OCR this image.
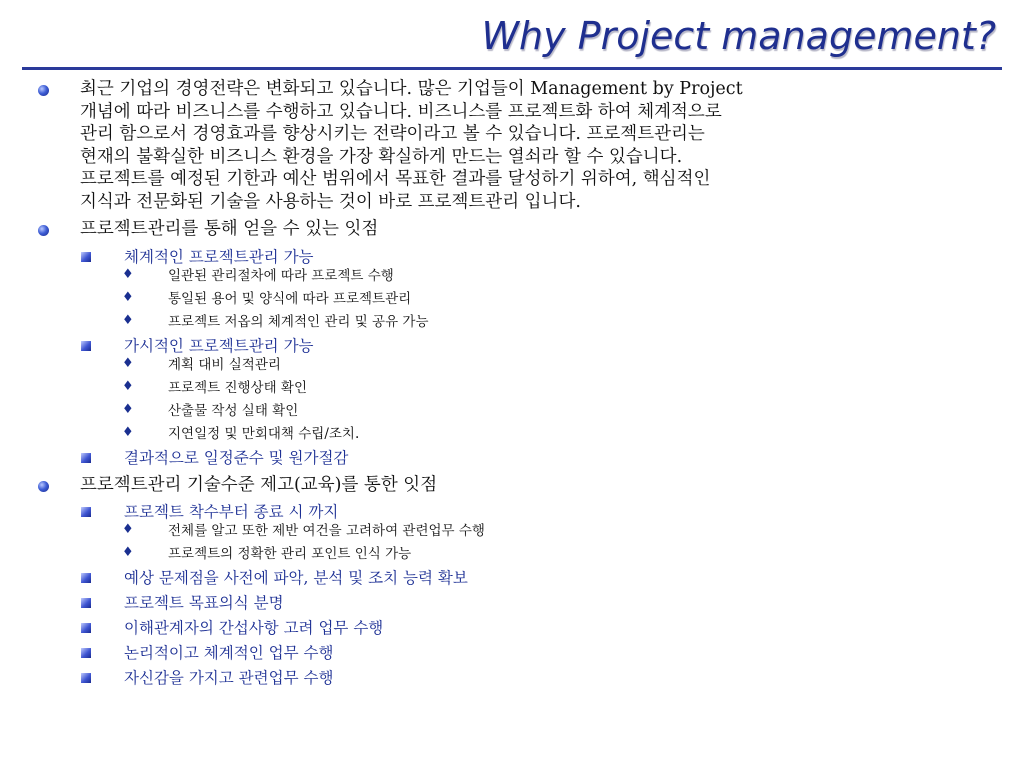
Why Project management?
최근 기업의 경영전략은 변화되고 있습니다. 많은 기업들이 Management by Project
개념에 따라 비즈니스를 수행하고 있습니다. 비즈니스를 프로젝트화 하여 체계적으로
관리 함으로서 경영효과를 향상시키는 전략이라고 볼 수 있습니다. 프로젝트관리는
현재의 불확실한 비즈니스 환경을 가장 확실하게 만드는 열쇠라 할 수 있습니다.
프로젝트를 예정된 기한과 예산 범위에서 목표한 결과를 달성하기 위하여, 핵심적인
지식과 전문화된 기술을 사용하는 것이 바로 프로젝트관리 입니다.
프로젝트관리를 통해 얻을 수 있는 잇점
체계적인 프로젝트관리 가능
♦	일관된 관리절차에 따라 프로젝트 수행
♦	통일된 용어 및 양식에 따라 프로젝트관리
♦	프로젝트 저옵의 체계적인 관리 및 공유 가능
가시적인 프로젝트관리 가능
♦	계획 대비 실적관리
♦	프로젝트 진행상태 확인
♦	산출물 작성 실태 확인
♦	지연일정 및 만회대책 수립/조치.
결과적으로 일정준수 및 원가절감
프로젝트관리 기술수준 제고(교육)를 통한 잇점
프로젝트 착수부터 종료 시 까지
♦	전체를 알고 또한 제반 여건을 고려하여 관련업무 수행
♦	프로젝트의 정확한 관리 포인트 인식 가능
예상 문제점을 사전에 파악, 분석 및 조치 능력 확보
프로젝트 목표의식 분명
이해관계자의 간섭사항 고려 업무 수행
논리적이고 체계적인 업무 수행
자신감을 가지고 관련업무 수행
